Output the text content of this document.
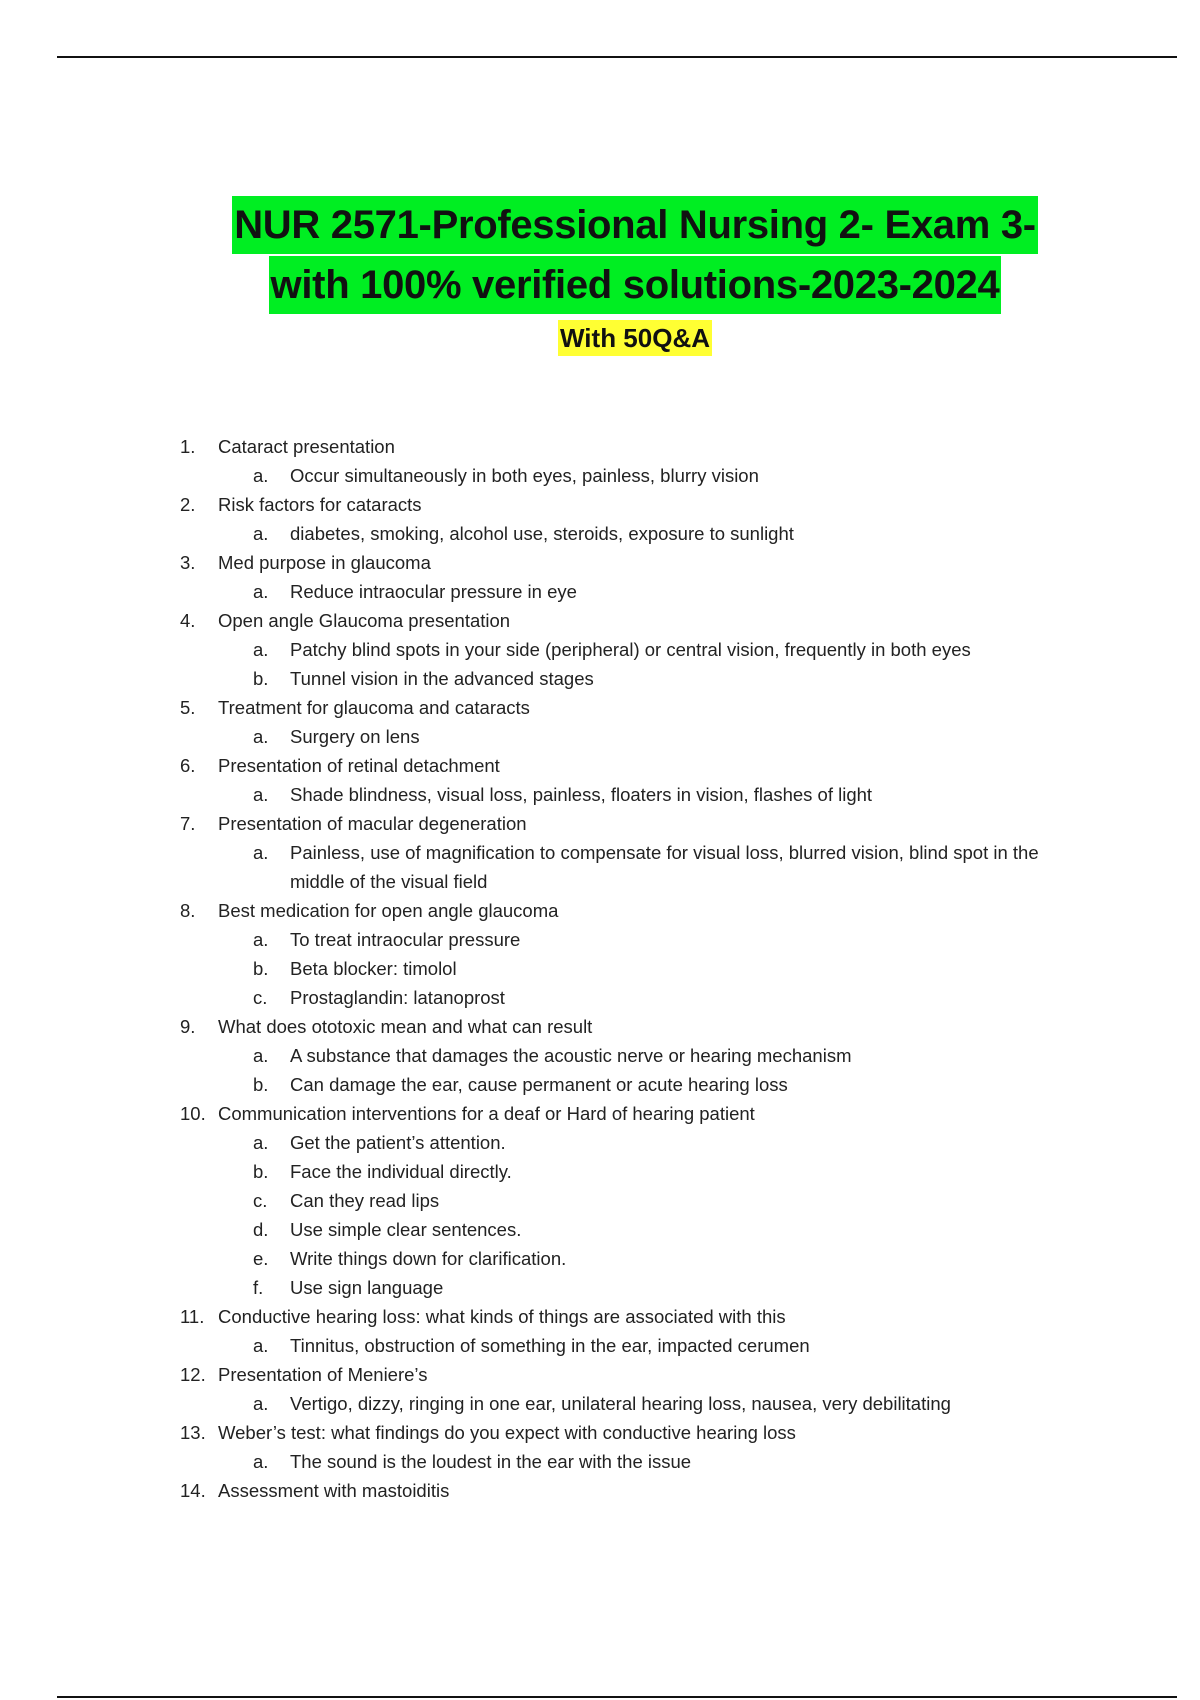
NUR 2571-Professional Nursing 2- Exam 3-
with 100% verified solutions-2023-2024
With 50Q&A
1.	Cataract presentation
a.	Occur simultaneously in both eyes, painless, blurry vision
2.	Risk factors for cataracts
a.	diabetes, smoking, alcohol use, steroids, exposure to sunlight
3.	Med purpose in glaucoma
a.	Reduce intraocular pressure in eye
4.	Open angle Glaucoma presentation
a.	Patchy blind spots in your side (peripheral) or central vision, frequently in both eyes
b.	Tunnel vision in the advanced stages
5.	Treatment for glaucoma and cataracts
a.	Surgery on lens
6.	Presentation of retinal detachment
a.	Shade blindness, visual loss, painless, floaters in vision, flashes of light
7.	Presentation of macular degeneration
a.	Painless, use of magnification to compensate for visual loss, blurred vision, blind spot in the middle of the visual field
8.	Best medication for open angle glaucoma
a.	To treat intraocular pressure
b.	Beta blocker: timolol
c.	Prostaglandin: latanoprost
9.	What does ototoxic mean and what can result
a.	A substance that damages the acoustic nerve or hearing mechanism
b.	Can damage the ear, cause permanent or acute hearing loss
10. Communication interventions for a deaf or Hard of hearing patient
a.	Get the patient’s attention.
b.	Face the individual directly.
c.	Can they read lips
d.	Use simple clear sentences.
e.	Write things down for clarification.
f.	Use sign language
11. Conductive hearing loss: what kinds of things are associated with this
a.	Tinnitus, obstruction of something in the ear, impacted cerumen
12. Presentation of Meniere’s
a.	Vertigo, dizzy, ringing in one ear, unilateral hearing loss, nausea, very debilitating
13. Weber’s test: what findings do you expect with conductive hearing loss
a.	The sound is the loudest in the ear with the issue
14. Assessment with mastoiditis
